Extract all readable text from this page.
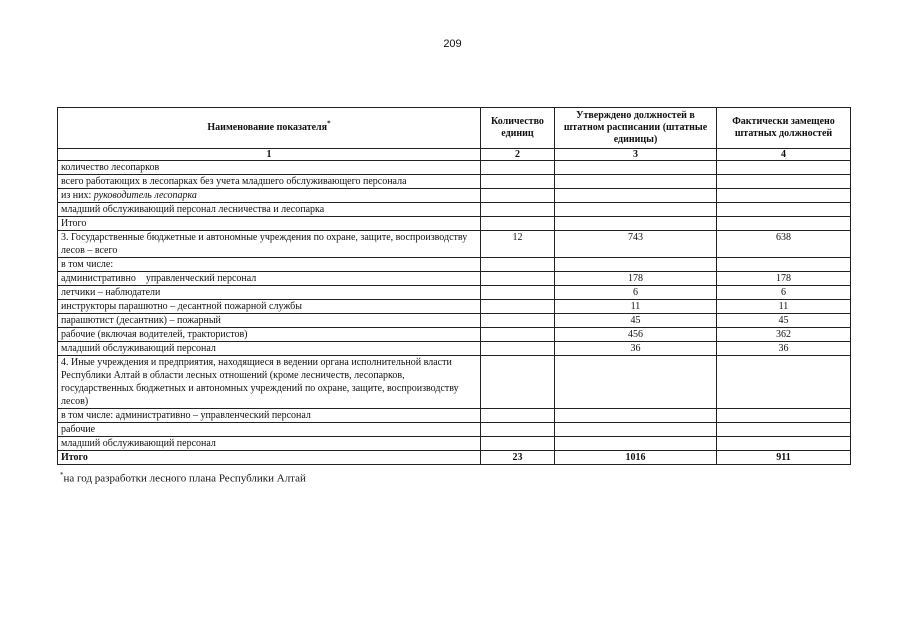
209
Наименование показателя*	Количество единиц	Утверждено должностей в штатном расписании (штатные единицы)	Фактически замещено штатных должностей
1	2	3	4
количество лесопарков			
всего работающих в лесопарках без учета младшего обслуживающего персонала			
из них: руководитель лесопарка			
младший обслуживающий персонал лесничества и лесопарка			
Итого			
3. Государственные бюджетные и автономные учреждения по охране, защите, воспроизводству лесов – всего	12	743	638
в том числе:			
административно    управленческий персонал		178	178
летчики – наблюдатели		6	6
инструкторы парашютно – десантной пожарной службы		11	11
парашютист (десантник) – пожарный		45	45
рабочие (включая водителей, трактористов)		456	362
младший обслуживающий персонал		36	36
4. Иные учреждения и предприятия, находящиеся в ведении органа исполнительной власти Республики Алтай в области лесных отношений (кроме лесничеств, лесопарков, государственных бюджетных и автономных учреждений по охране, защите, воспроизводству лесов)			
в том числе: административно – управленческий персонал			
рабочие			
младший обслуживающий персонал			
Итого	23	1016	911
*на год разработки лесного плана Республики Алтай
